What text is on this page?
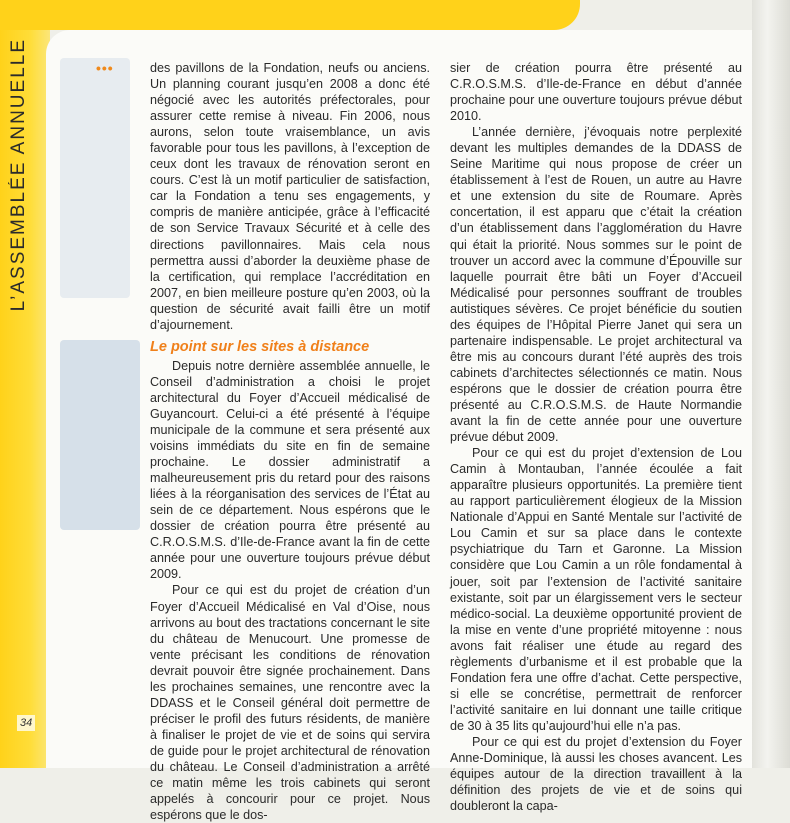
L’ASSEMBLÉE ANNUELLE	•••	des pavillons de la Fondation, neufs ou anciens. Un planning courant jusqu’en 2008 a donc été négocié avec les autorités préfectorales, pour assurer cette remise à niveau. Fin 2006, nous aurons, selon toute vraisemblance, un avis favorable pour tous les pavillons, à l’exception de ceux dont les travaux de rénovation seront en cours. C’est là un motif particulier de satisfaction, car la Fondation a tenu ses engagements, y compris de manière anticipée, grâce à l’efficacité de son Service Travaux Sécurité et à celle des directions pavillonnaires. Mais cela nous permettra aussi d’aborder la deuxième phase de la certification, qui remplace l’accréditation en 2007, en bien meilleure posture qu’en 2003, où la question de sécurité avait failli être un motif d’ajournement.

Le point sur les sites à distance

Depuis notre dernière assemblée annuelle, le Conseil d’administration a choisi le projet architectural du Foyer d’Accueil médicalisé de Guyancourt. Celui-ci a été présenté à l’équipe municipale de la commune et sera présenté aux voisins immédiats du site en fin de semaine prochaine. Le dossier administratif a malheureusement pris du retard pour des raisons liées à la réorganisation des services de l’État au sein de ce département. Nous espérons que le dossier de création pourra être présenté au C.R.O.S.M.S. d’Ile-de-France avant la fin de cette année pour une ouverture toujours prévue début 2009.

Pour ce qui est du projet de création d’un Foyer d’Accueil Médicalisé en Val d’Oise, nous arrivons au bout des tractations concernant le site du château de Menucourt. Une promesse de vente précisant les conditions de rénovation devrait pouvoir être signée prochainement. Dans les prochaines semaines, une rencontre avec la DDASS et le Conseil général doit permettre de préciser le profil des futurs résidents, de manière à finaliser le projet de vie et de soins qui servira de guide pour le projet architectural de rénovation du château. Le Conseil d’administration a arrêté ce matin même les trois cabinets qui seront appelés à concourir pour ce projet. Nous espérons que le dos-

sier de création pourra être présenté au C.R.O.S.M.S. d’Ile-de-France en début d’année prochaine pour une ouverture toujours prévue début 2010.

L’année dernière, j’évoquais notre perplexité devant les multiples demandes de la DDASS de Seine Maritime qui nous propose de créer un établissement à l’est de Rouen, un autre au Havre et une extension du site de Roumare. Après concertation, il est apparu que c’était la création d’un établissement dans l’agglomération du Havre qui était la priorité. Nous sommes sur le point de trouver un accord avec la commune d’Épouville sur laquelle pourrait être bâti un Foyer d’Accueil Médicalisé pour personnes souffrant de troubles autistiques sévères. Ce projet bénéficie du soutien des équipes de l’Hôpital Pierre Janet qui sera un partenaire indispensable. Le projet architectural va être mis au concours durant l’été auprès des trois cabinets d’architectes sélectionnés ce matin. Nous espérons que le dossier de création pourra être présenté au C.R.O.S.M.S. de Haute Normandie avant la fin de cette année pour une ouverture prévue début 2009.

Pour ce qui est du projet d’extension de Lou Camin à Montauban, l’année écoulée a fait apparaître plusieurs opportunités. La première tient au rapport particulièrement élogieux de la Mission Nationale d’Appui en Santé Mentale sur l’activité de Lou Camin et sur sa place dans le contexte psychiatrique du Tarn et Garonne. La Mission considère que Lou Camin a un rôle fondamental à jouer, soit par l’extension de l’activité sanitaire existante, soit par un élargissement vers le secteur médico-social. La deuxième opportunité provient de la mise en vente d’une propriété mitoyenne : nous avons fait réaliser une étude au regard des règlements d’urbanisme et il est probable que la Fondation fera une offre d’achat. Cette perspective, si elle se concrétise, permettrait de renforcer l’activité sanitaire en lui donnant une taille critique de 30 à 35 lits qu’aujourd’hui elle n’a pas.

Pour ce qui est du projet d’extension du Foyer Anne-Dominique, là aussi les choses avancent. Les équipes autour de la direction travaillent à la définition des projets de vie et de soins qui doubleront la capa-

34
